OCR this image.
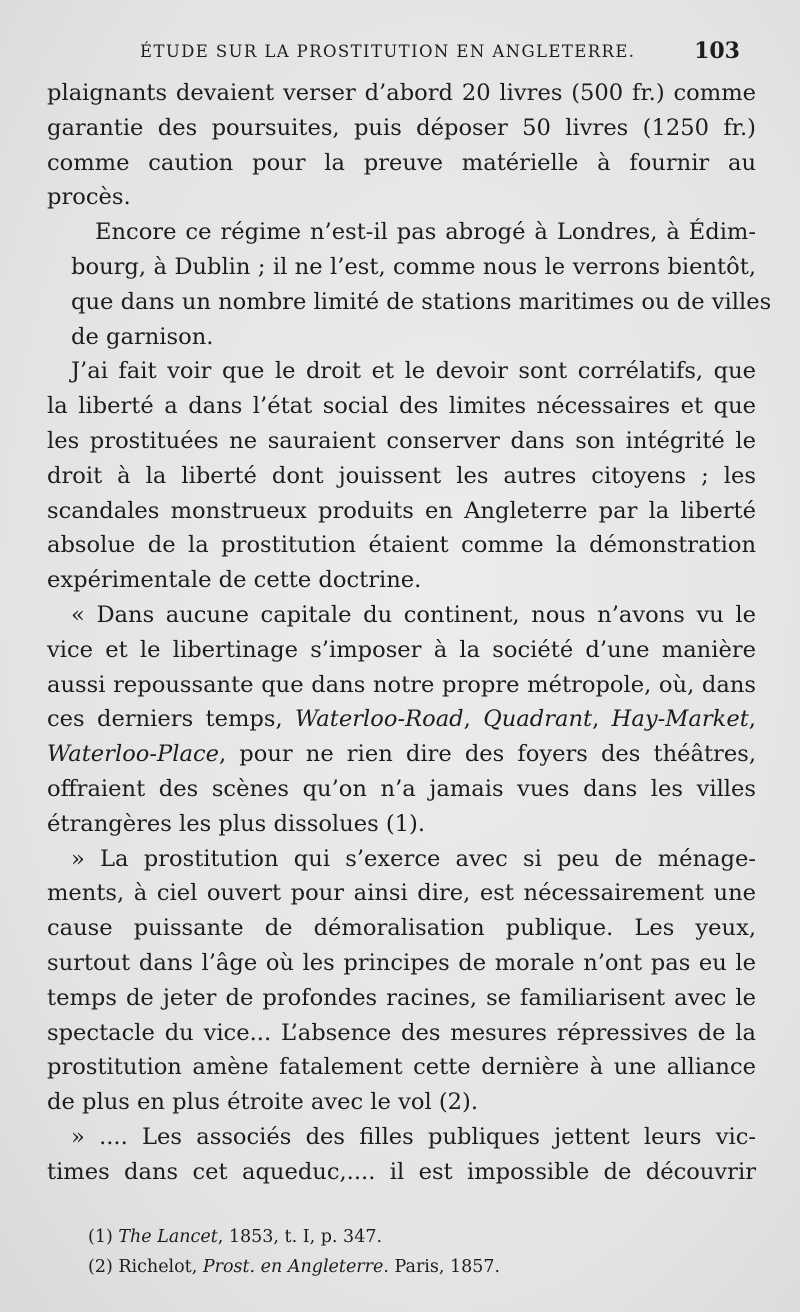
ÉTUDE SUR LA PROSTITUTION EN ANGLETERRE.	103

plaignants devaient verser d’abord 20 livres (500 fr.) comme
garantie des poursuites, puis déposer 50 livres (1250 fr.)
comme caution pour la preuve matérielle à fournir au
procès.

Encore ce régime n’est-il pas abrogé à Londres, à Édim-
bourg, à Dublin ; il ne l’est, comme nous le verrons bientôt,
que dans un nombre limité de stations maritimes ou de villes
de garnison.

J’ai fait voir que le droit et le devoir sont corrélatifs, que
la liberté a dans l’état social des limites nécessaires et que
les prostituées ne sauraient conserver dans son intégrité le
droit à la liberté dont jouissent les autres citoyens ; les
scandales monstrueux produits en Angleterre par la liberté
absolue de la prostitution étaient comme la démonstration
expérimentale de cette doctrine.

« Dans aucune capitale du continent, nous n’avons vu le
vice et le libertinage s’imposer à la société d’une manière
aussi repoussante que dans notre propre métropole, où, dans
ces derniers temps, Waterloo-Road, Quadrant, Hay-Market,
Waterloo-Place, pour ne rien dire des foyers des théâtres,
offraient des scènes qu’on n’a jamais vues dans les villes
étrangères les plus dissolues (1).

» La prostitution qui s’exerce avec si peu de ménage-
ments, à ciel ouvert pour ainsi dire, est nécessairement une
cause puissante de démoralisation publique. Les yeux,
surtout dans l’âge où les principes de morale n’ont pas eu le
temps de jeter de profondes racines, se familiarisent avec le
spectacle du vice... L’absence des mesures répressives de la
prostitution amène fatalement cette dernière à une alliance
de plus en plus étroite avec le vol (2).

» .... Les associés des filles publiques jettent leurs vic-
times dans cet aqueduc,.... il est impossible de découvrir

(1) The Lancet, 1853, t. I, p. 347.
(2) Richelot, Prost. en Angleterre. Paris, 1857.
